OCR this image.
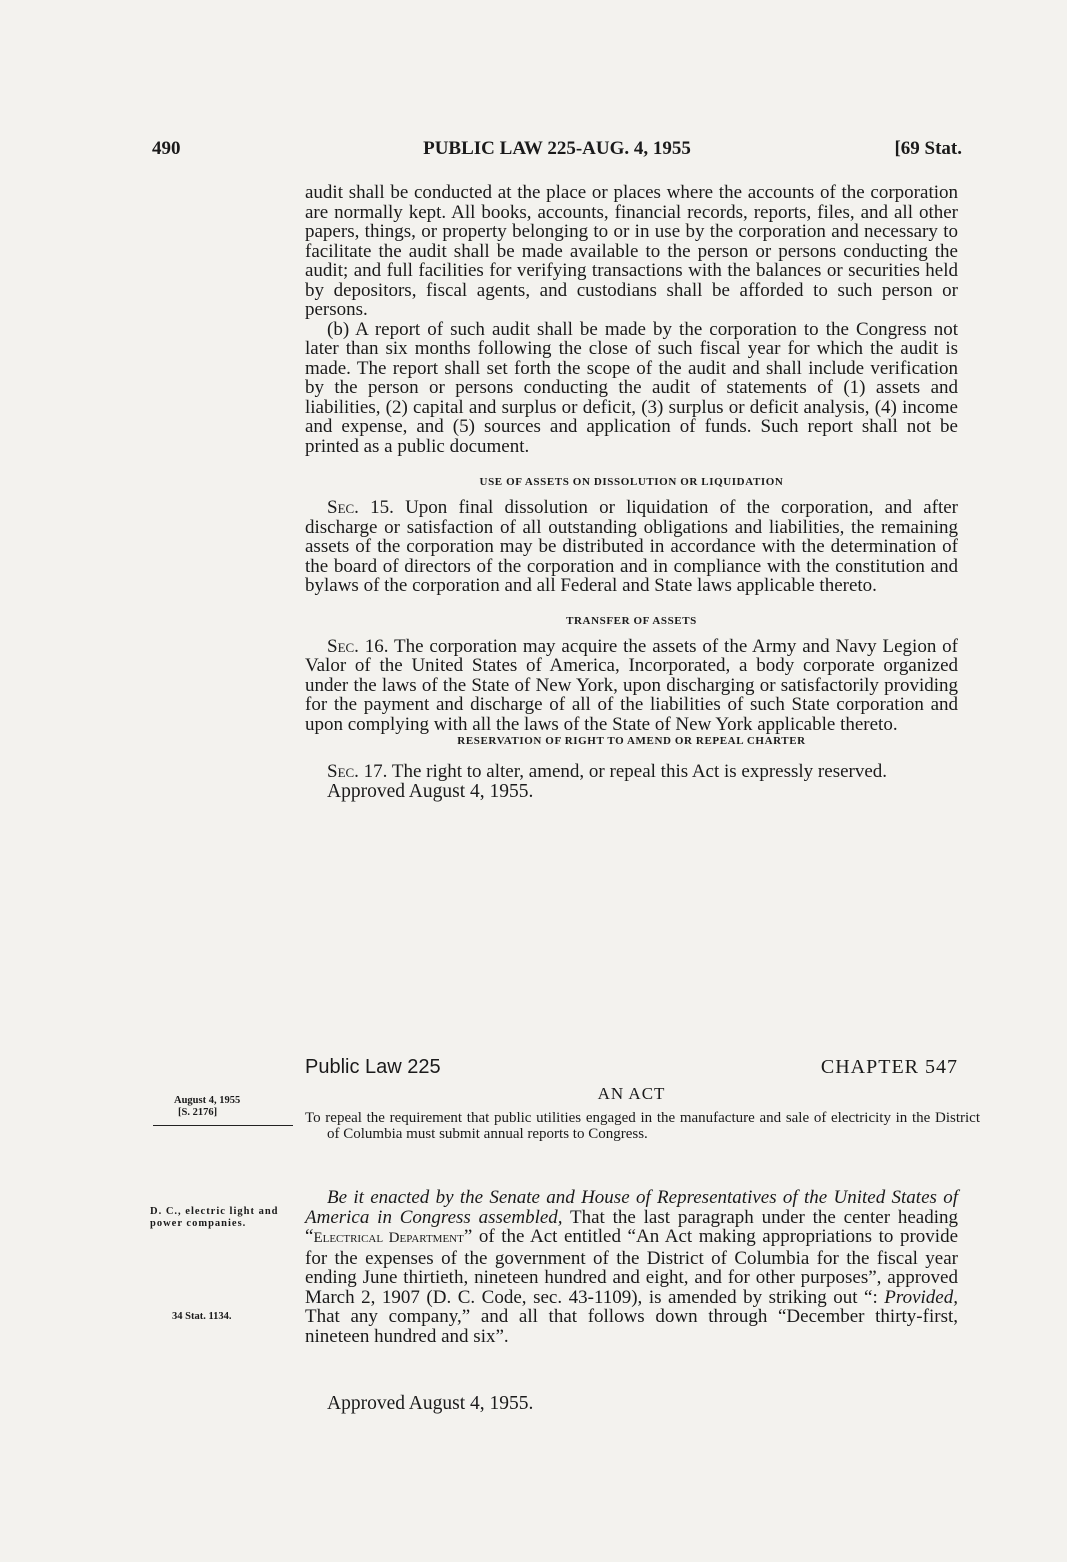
490	PUBLIC LAW 225-AUG. 4, 1955	[69 Stat.

audit shall be conducted at the place or places where the accounts of the corporation are normally kept. All books, accounts, financial records, reports, files, and all other papers, things, or property belonging to or in use by the corporation and necessary to facilitate the audit shall be made available to the person or persons conducting the audit; and full facilities for verifying transactions with the balances or securities held by depositors, fiscal agents, and custodians shall be afforded to such person or persons.

(b) A report of such audit shall be made by the corporation to the Congress not later than six months following the close of such fiscal year for which the audit is made. The report shall set forth the scope of the audit and shall include verification by the person or persons conducting the audit of statements of (1) assets and liabilities, (2) capital and surplus or deficit, (3) surplus or deficit analysis, (4) income and expense, and (5) sources and application of funds. Such report shall not be printed as a public document.

USE OF ASSETS ON DISSOLUTION OR LIQUIDATION

Sec. 15. Upon final dissolution or liquidation of the corporation, and after discharge or satisfaction of all outstanding obligations and liabilities, the remaining assets of the corporation may be distributed in accordance with the determination of the board of directors of the corporation and in compliance with the constitution and bylaws of the corporation and all Federal and State laws applicable thereto.

TRANSFER OF ASSETS

Sec. 16. The corporation may acquire the assets of the Army and Navy Legion of Valor of the United States of America, Incorporated, a body corporate organized under the laws of the State of New York, upon discharging or satisfactorily providing for the payment and discharge of all of the liabilities of such State corporation and upon complying with all the laws of the State of New York applicable thereto.

RESERVATION OF RIGHT TO AMEND OR REPEAL CHARTER

Sec. 17. The right to alter, amend, or repeal this Act is expressly reserved.

Approved August 4, 1955.

Public Law 225	CHAPTER 547
AN ACT
To repeal the requirement that public utilities engaged in the manufacture and sale of electricity in the District of Columbia must submit annual reports to Congress.
Be it enacted by the Senate and House of Representatives of the United States of America in Congress assembled, That the last paragraph under the center heading “Electrical Department” of the Act entitled “An Act making appropriations to provide for the expenses of the government of the District of Columbia for the fiscal year ending June thirtieth, nineteen hundred and eight, and for other purposes”, approved March 2, 1907 (D. C. Code, sec. 43-1109), is amended by striking out “: Provided, That any company,” and all that follows down through “December thirty-first, nineteen hundred and six”.
Approved August 4, 1955.
August 4, 1955
[S. 2176]
D. C., electric light and power companies.
34 Stat. 1134.
